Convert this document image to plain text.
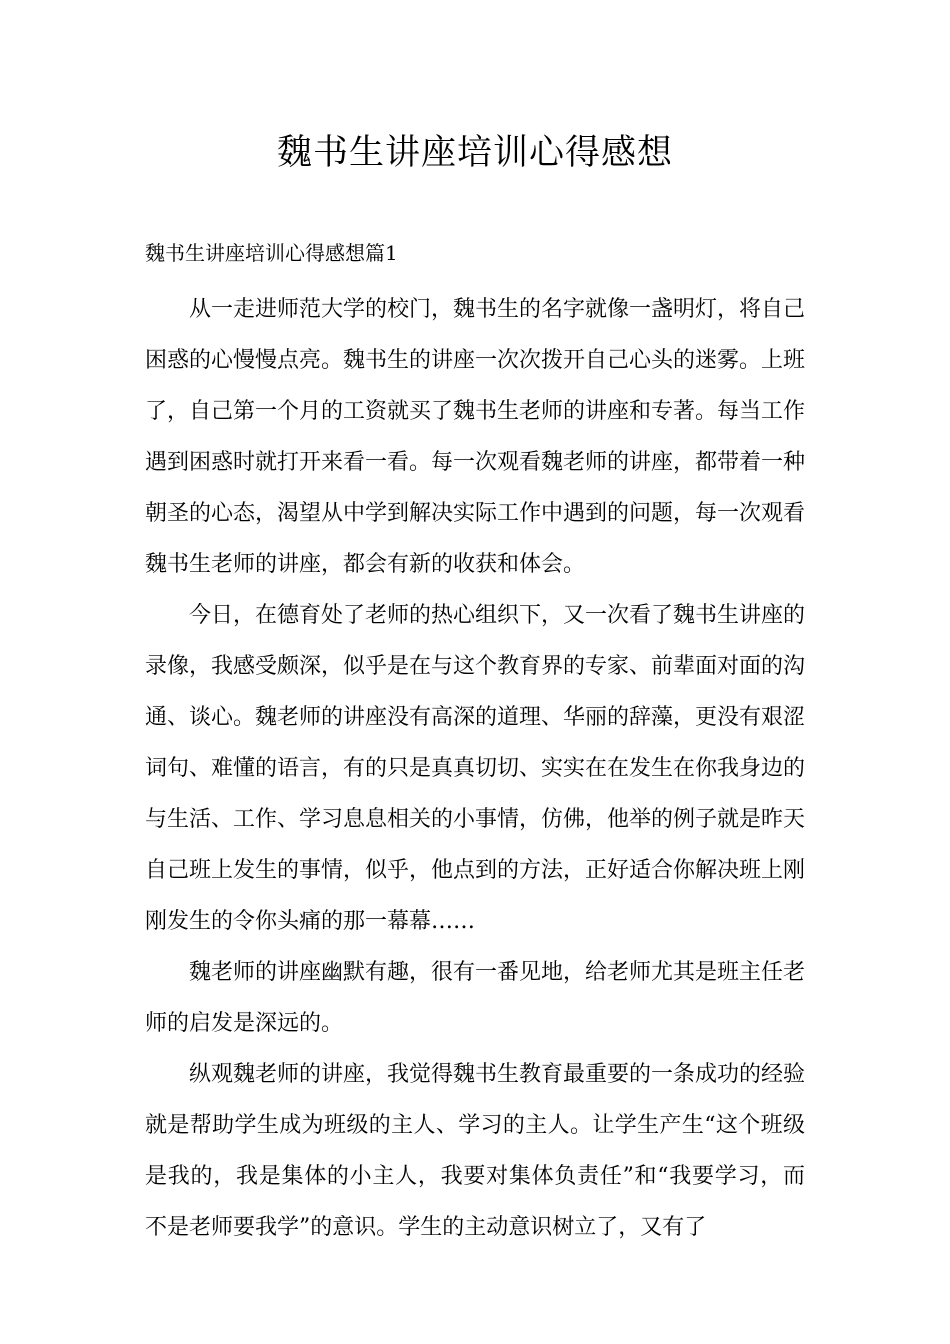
魏书生讲座培训心得感想
魏书生讲座培训心得感想篇1

从一走进师范大学的校门，魏书生的名字就像一盏明灯，将自己困惑的心慢慢点亮。魏书生的讲座一次次拨开自己心头的迷雾。上班了，自己第一个月的工资就买了魏书生老师的讲座和专著。每当工作遇到困惑时就打开来看一看。每一次观看魏老师的讲座，都带着一种朝圣的心态，渴望从中学到解决实际工作中遇到的问题，每一次观看魏书生老师的讲座，都会有新的收获和体会。

今日，在德育处了老师的热心组织下，又一次看了魏书生讲座的录像，我感受颇深，似乎是在与这个教育界的专家、前辈面对面的沟通、谈心。魏老师的讲座没有高深的道理、华丽的辞藻，更没有艰涩词句、难懂的语言，有的只是真真切切、实实在在发生在你我身边的与生活、工作、学习息息相关的小事情，仿佛，他举的例子就是昨天自己班上发生的事情，似乎，他点到的方法，正好适合你解决班上刚刚发生的令你头痛的那一幕幕……

魏老师的讲座幽默有趣，很有一番见地，给老师尤其是班主任老师的启发是深远的。

纵观魏老师的讲座，我觉得魏书生教育最重要的一条成功的经验就是帮助学生成为班级的主人、学习的主人。让学生产生“这个班级是我的，我是集体的小主人，我要对集体负责任”和“我要学习，而不是老师要我学”的意识。学生的主动意识树立了，又有了
